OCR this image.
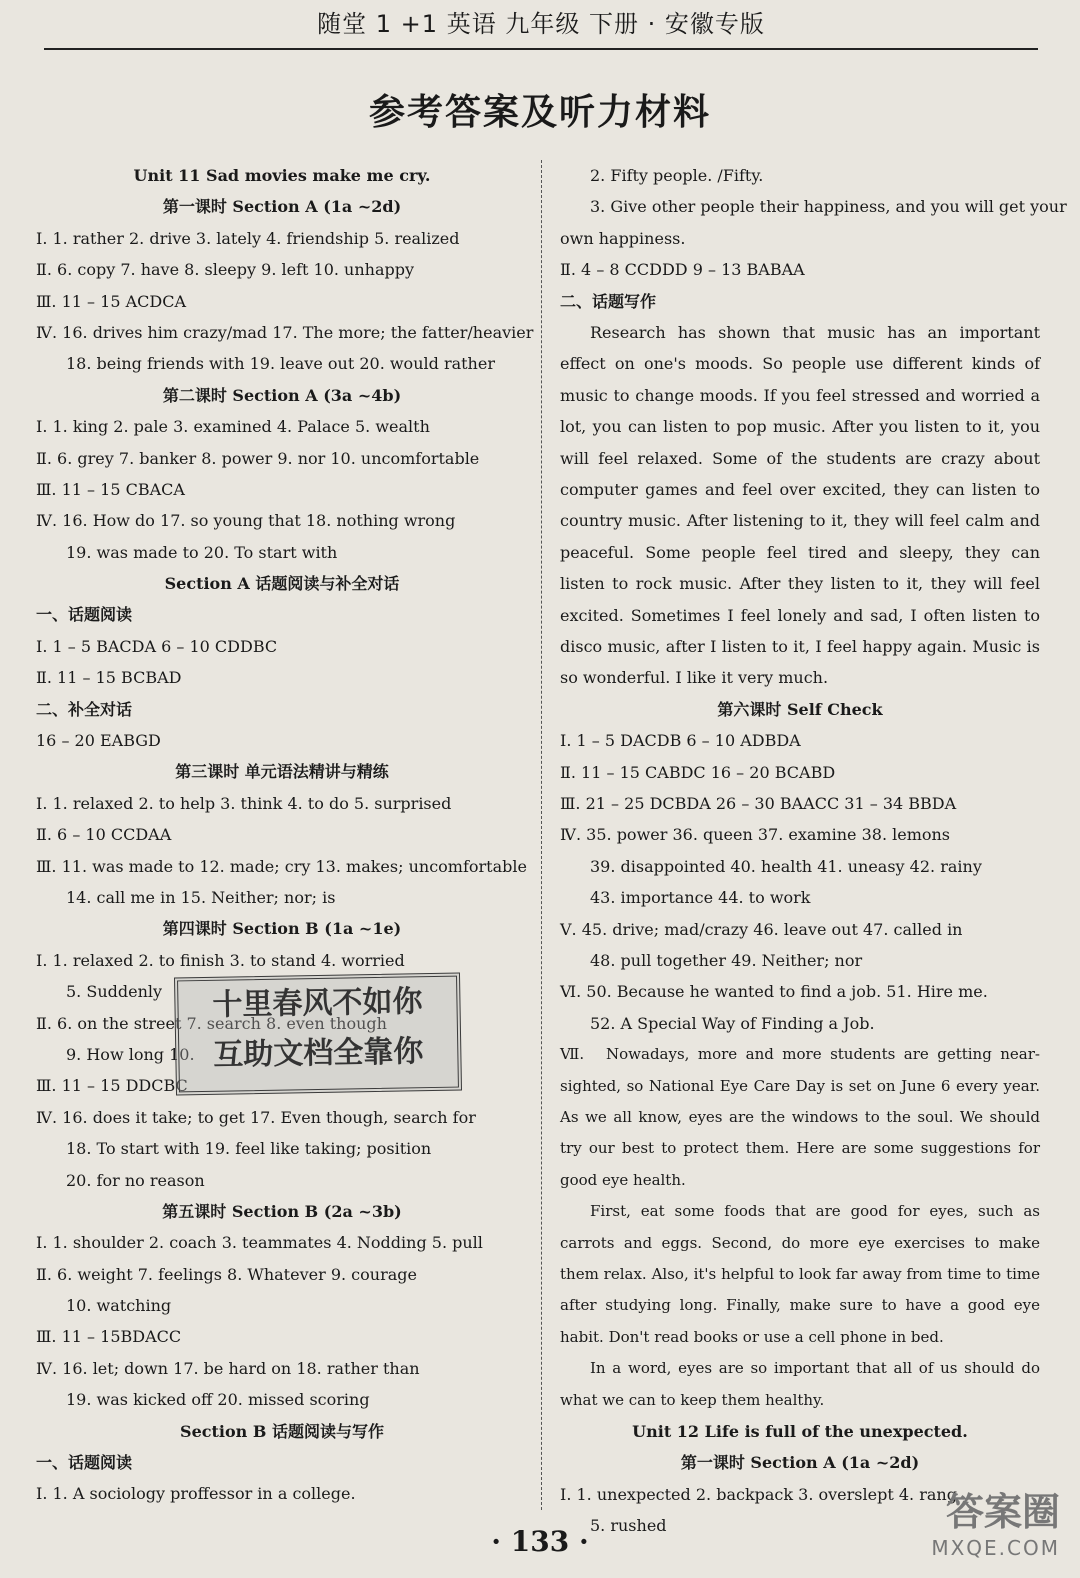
随堂 1 +1 英语 九年级 下册 · 安徽专版
参考答案及听力材料
Unit 11 Sad movies make me cry.
第一课时 Section A (1a ~2d)
Ⅰ. 1. rather 2. drive 3. lately 4. friendship 5. realized
Ⅱ. 6. copy 7. have 8. sleepy 9. left 10. unhappy
Ⅲ. 11 – 15 ACDCA
Ⅳ. 16. drives him crazy/mad 17. The more; the fatter/heavier
18. being friends with 19. leave out 20. would rather
第二课时 Section A (3a ~4b)
Ⅰ. 1. king 2. pale 3. examined 4. Palace 5. wealth
Ⅱ. 6. grey 7. banker 8. power 9. nor 10. uncomfortable
Ⅲ. 11 – 15 CBACA
Ⅳ. 16. How do 17. so young that 18. nothing wrong
19. was made to 20. To start with
Section A 话题阅读与补全对话
一、话题阅读
Ⅰ. 1 – 5 BACDA 6 – 10 CDDBC
Ⅱ. 11 – 15 BCBAD
二、补全对话
16 – 20 EABGD
第三课时 单元语法精讲与精练
Ⅰ. 1. relaxed 2. to help 3. think 4. to do 5. surprised
Ⅱ. 6 – 10 CCDAA
Ⅲ. 11. was made to 12. made; cry 13. makes; uncomfortable
14. call me in 15. Neither; nor; is
第四课时 Section B (1a ~1e)
Ⅰ. 1. relaxed 2. to finish 3. to stand 4. worried
5. Suddenly
Ⅱ. 6. on the street 7. search 8. even though
9. How long 10.
Ⅲ. 11 – 15 DDCBC
Ⅳ. 16. does it take; to get 17. Even though, search for
18. To start with 19. feel like taking; position
20. for no reason
第五课时 Section B (2a ~3b)
Ⅰ. 1. shoulder 2. coach 3. teammates 4. Nodding 5. pull
Ⅱ. 6. weight 7. feelings 8. Whatever 9. courage
10. watching
Ⅲ. 11 – 15BDACC
Ⅳ. 16. let; down 17. be hard on 18. rather than
19. was kicked off 20. missed scoring
Section B 话题阅读与写作
一、话题阅读
Ⅰ. 1. A sociology proffessor in a college.
2. Fifty people. /Fifty.
3. Give other people their happiness, and you will get your
own happiness.
Ⅱ. 4 – 8 CCDDD 9 – 13 BABAA
二、话题写作
Research has shown that music has an important effect on one's moods. So people use different kinds of music to change moods. If you feel stressed and worried a lot, you can listen to pop music. After you listen to it, you will feel relaxed. Some of the students are crazy about computer games and feel over excited, they can listen to country music. After listening to it, they will feel calm and peaceful. Some people feel tired and sleepy, they can listen to rock music. After they listen to it, they will feel excited. Sometimes I feel lonely and sad, I often listen to disco music, after I listen to it, I feel happy again. Music is so wonderful. I like it very much.
第六课时 Self Check
Ⅰ. 1 – 5 DACDB 6 – 10 ADBDA
Ⅱ. 11 – 15 CABDC 16 – 20 BCABD
Ⅲ. 21 – 25 DCBDA 26 – 30 BAACC 31 – 34 BBDA
Ⅳ. 35. power 36. queen 37. examine 38. lemons
39. disappointed 40. health 41. uneasy 42. rainy
43. importance 44. to work
Ⅴ. 45. drive; mad/crazy 46. leave out 47. called in
48. pull together 49. Neither; nor
Ⅵ. 50. Because he wanted to find a job. 51. Hire me.
52. A Special Way of Finding a Job.
Ⅶ. Nowadays, more and more students are getting near-sighted, so National Eye Care Day is set on June 6 every year. As we all know, eyes are the windows to the soul. We should try our best to protect them. Here are some suggestions for good eye health.
First, eat some foods that are good for eyes, such as carrots and eggs. Second, do more eye exercises to make them relax. Also, it's helpful to look far away from time to time after studying long. Finally, make sure to have a good eye habit. Don't read books or use a cell phone in bed.
In a word, eyes are so important that all of us should do what we can to keep them healthy.
Unit 12 Life is full of the unexpected.
第一课时 Section A (1a ~2d)
Ⅰ. 1. unexpected 2. backpack 3. overslept 4. rang
5. rushed
十里春风不如你
互助文档全靠你
· 133 ·
答案圈
MXQE.COM
